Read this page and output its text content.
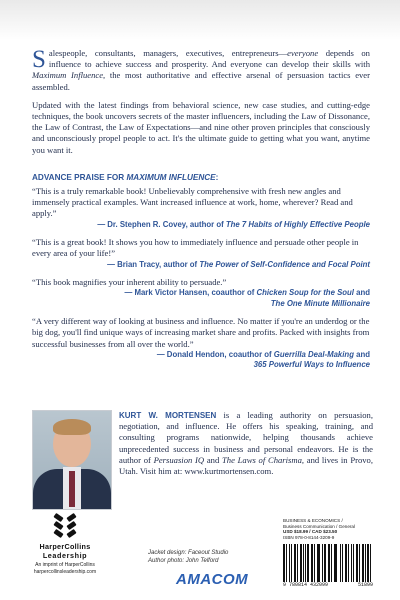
Salespeople, consultants, managers, executives, entrepreneurs—everyone depends on influence to achieve success and prosperity. And everyone can develop their skills with Maximum Influence, the most authoritative and effective arsenal of persuasion tactics ever assembled.

Updated with the latest findings from behavioral science, new case studies, and cutting-edge techniques, the book uncovers secrets of the master influencers, including the Law of Dissonance, the Law of Contrast, the Law of Expectations—and nine other proven principles that consciously and unconsciously propel people to act. It's the ultimate guide to getting what you want, anytime you want it.

ADVANCE PRAISE FOR MAXIMUM INFLUENCE:
“This is a truly remarkable book! Unbelievably comprehensive with fresh new angles and immensely practical examples. Want increased influence at work, home, wherever? Read and apply.”
— Dr. Stephen R. Covey, author of The 7 Habits of Highly Effective People
“This is a great book! It shows you how to immediately influence and persuade other people in every area of your life!”
— Brian Tracy, author of The Power of Self-Confidence and Focal Point
“This book magnifies your inherent ability to persuade.”
— Mark Victor Hansen, coauthor of Chicken Soup for the Soul and
The One Minute Millionaire
“A very different way of looking at business and influence. No matter if you're an underdog or the big dog, you'll find unique ways of increasing market share and profits. Packed with insights from successful businesses from all over the world.”
— Donald Hendon, coauthor of Guerrilla Deal-Making and
365 Powerful Ways to Influence
KURT W. MORTENSEN is a leading authority on persuasion, negotiation, and influence. He offers his speaking, training, and consulting programs nationwide, helping thousands achieve unprecedented success in business and personal endeavors. He is the author of Persuasion IQ and The Laws of Charisma, and lives in Provo, Utah. Visit him at: www.kurtmortensen.com.
HarperCollins
Leadership
An imprint of HarperCollins
harpercollinsleadership.com
Jacket design: Faceout Studio
Author photo: John Telford
AMACOM
BUSINESS & ECONOMICS /
Business Communication / General
USD $18.99 / CAD $23.50
ISBN 978-0-8144-3209-9
9 780814 432099	51899
